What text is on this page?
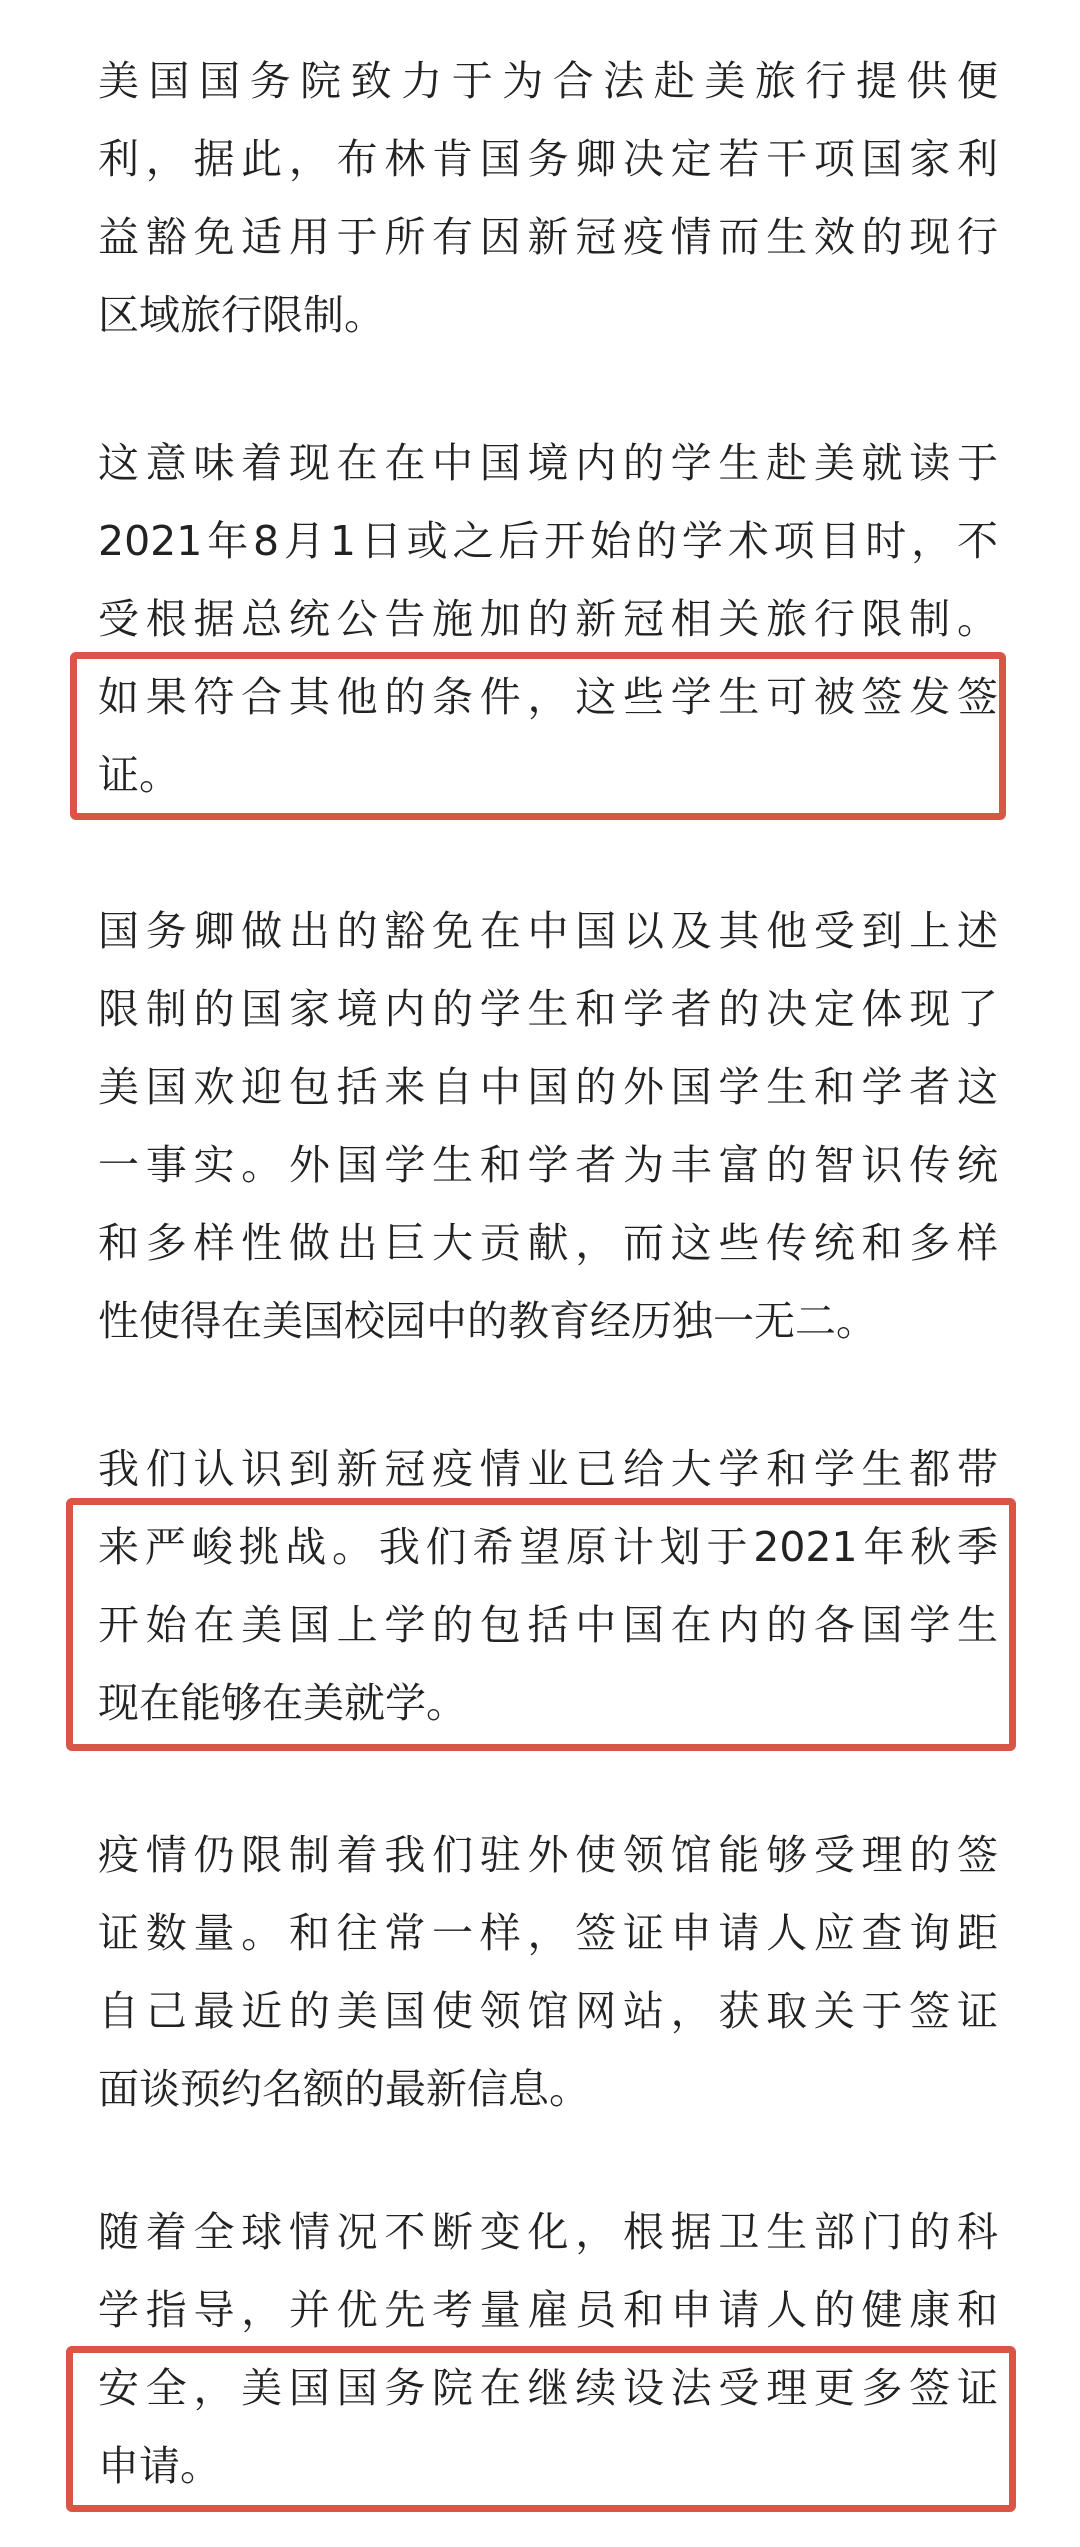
美国国务院致力于为合法赴美旅行提供便
利，据此，布林肯国务卿决定若干项国家利
益豁免适用于所有因新冠疫情而生效的现行
区域旅行限制。
这意味着现在在中国境内的学生赴美就读于
2021年8月1日或之后开始的学术项目时，不
受根据总统公告施加的新冠相关旅行限制。
如果符合其他的条件，这些学生可被签发签
证。
国务卿做出的豁免在中国以及其他受到上述
限制的国家境内的学生和学者的决定体现了
美国欢迎包括来自中国的外国学生和学者这
一事实。外国学生和学者为丰富的智识传统
和多样性做出巨大贡献，而这些传统和多样
性使得在美国校园中的教育经历独一无二。
我们认识到新冠疫情业已给大学和学生都带
来严峻挑战。我们希望原计划于2021年秋季
开始在美国上学的包括中国在内的各国学生
现在能够在美就学。
疫情仍限制着我们驻外使领馆能够受理的签
证数量。和往常一样，签证申请人应查询距
自己最近的美国使领馆网站，获取关于签证
面谈预约名额的最新信息。
随着全球情况不断变化，根据卫生部门的科
学指导，并优先考量雇员和申请人的健康和
安全，美国国务院在继续设法受理更多签证
申请。
